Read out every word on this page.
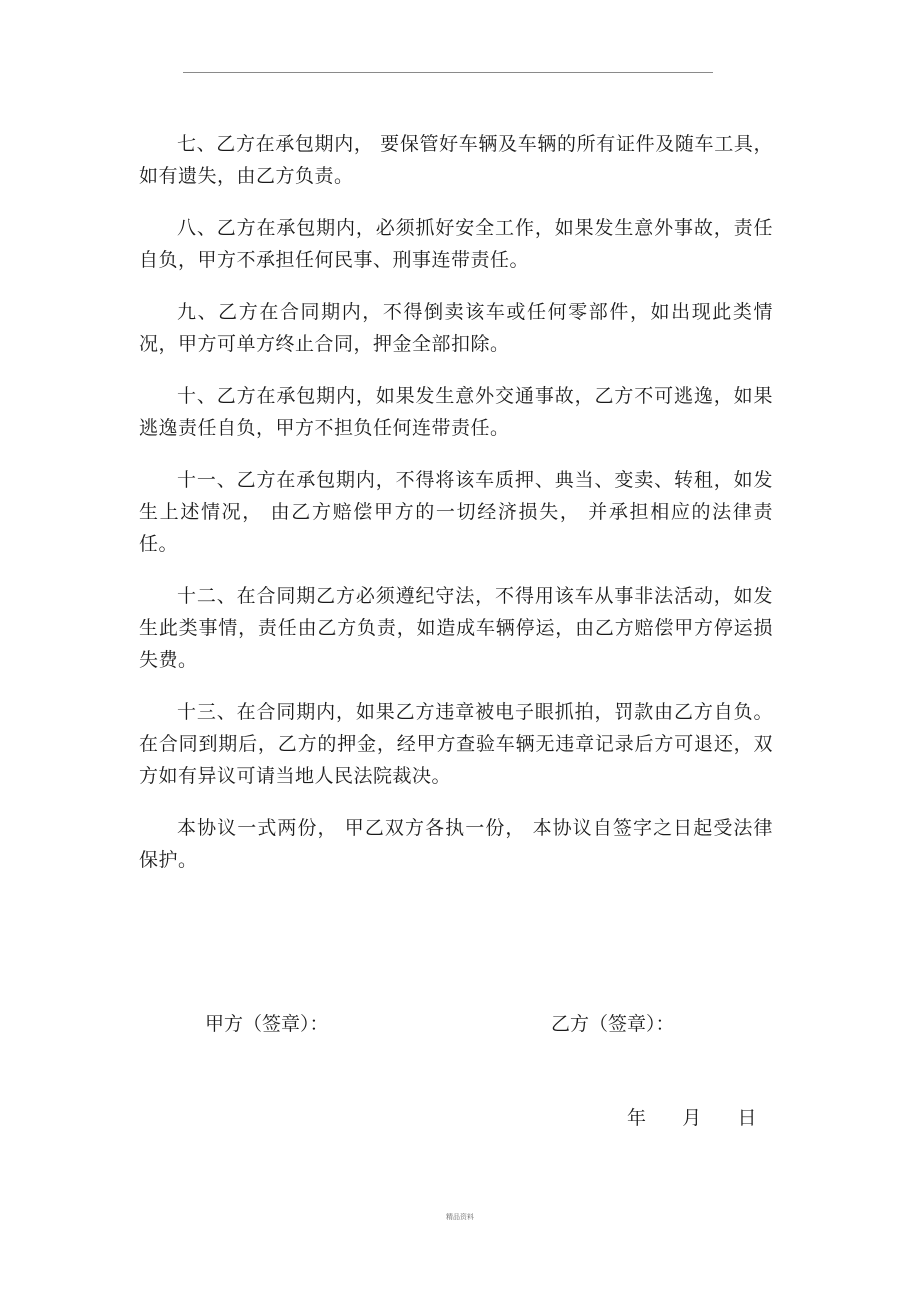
七、乙方在承包期内， 要保管好车辆及车辆的所有证件及随车工具，如有遗失，由乙方负责。

八、乙方在承包期内，必须抓好安全工作，如果发生意外事故，责任自负，甲方不承担任何民事、刑事连带责任。

九、乙方在合同期内，不得倒卖该车或任何零部件，如出现此类情况，甲方可单方终止合同，押金全部扣除。

十、乙方在承包期内，如果发生意外交通事故，乙方不可逃逸，如果逃逸责任自负，甲方不担负任何连带责任。

十一、乙方在承包期内，不得将该车质押、典当、变卖、转租，如发生上述情况， 由乙方赔偿甲方的一切经济损失， 并承担相应的法律责任。

十二、在合同期乙方必须遵纪守法，不得用该车从事非法活动，如发生此类事情，责任由乙方负责，如造成车辆停运，由乙方赔偿甲方停运损失费。

十三、在合同期内，如果乙方违章被电子眼抓拍，罚款由乙方自负。在合同到期后，乙方的押金，经甲方查验车辆无违章记录后方可退还，双方如有异议可请当地人民法院裁决。

本协议一式两份， 甲乙双方各执一份， 本协议自签字之日起受法律保护。

甲方（签章）：	乙方（签章）：
年      月      日
精品资料
